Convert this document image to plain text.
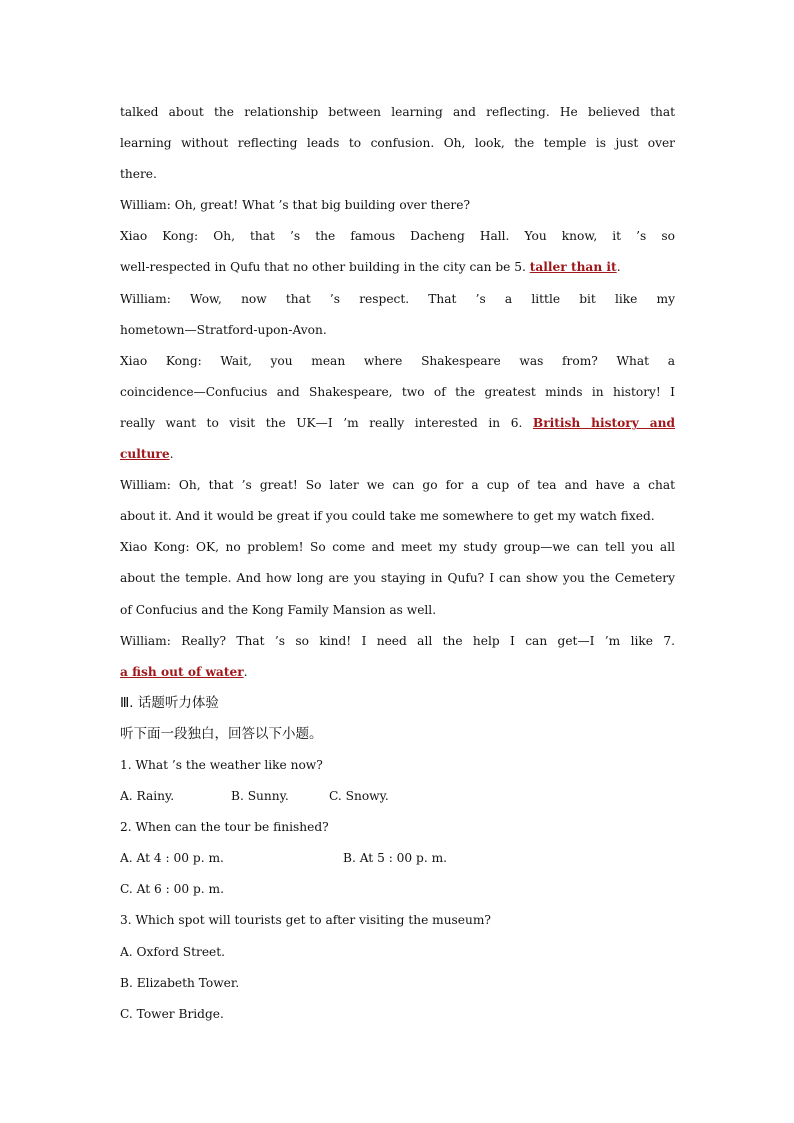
talked about the relationship between learning and reflecting. He believed that
learning without reflecting leads to confusion. Oh, look, the temple is just over
there.
William: Oh, great! What ’s that big building over there?
Xiao Kong: Oh, that ’s the famous Dacheng Hall. You know, it ’s so
well-respected in Qufu that no other building in the city can be 5. taller than it.
William: Wow, now that ’s respect. That ’s a little bit like my
hometown—Stratford-upon-Avon.
Xiao Kong: Wait, you mean where Shakespeare was from? What a
coincidence—Confucius and Shakespeare, two of the greatest minds in history! I
really want to visit the UK—I ’m really interested in 6. British history and
culture.
William: Oh, that ’s great! So later we can go for a cup of tea and have a chat
about it. And it would be great if you could take me somewhere to get my watch fixed.
Xiao Kong: OK, no problem! So come and meet my study group—we can tell you all
about the temple. And how long are you staying in Qufu? I can show you the Cemetery
of Confucius and the Kong Family Mansion as well.
William: Really? That ’s so kind! I need all the help I can get—I ’m like 7.
a fish out of water.
Ⅲ. 话题听力体验
听下面一段独白，回答以下小题。
1. What ’s the weather like now?
A. Rainy.	B. Sunny.	C. Snowy.
2. When can the tour be finished?
A. At 4 : 00 p. m.	B. At 5 : 00 p. m.
C. At 6 : 00 p. m.
3. Which spot will tourists get to after visiting the museum?
A. Oxford Street.
B. Elizabeth Tower.
C. Tower Bridge.
